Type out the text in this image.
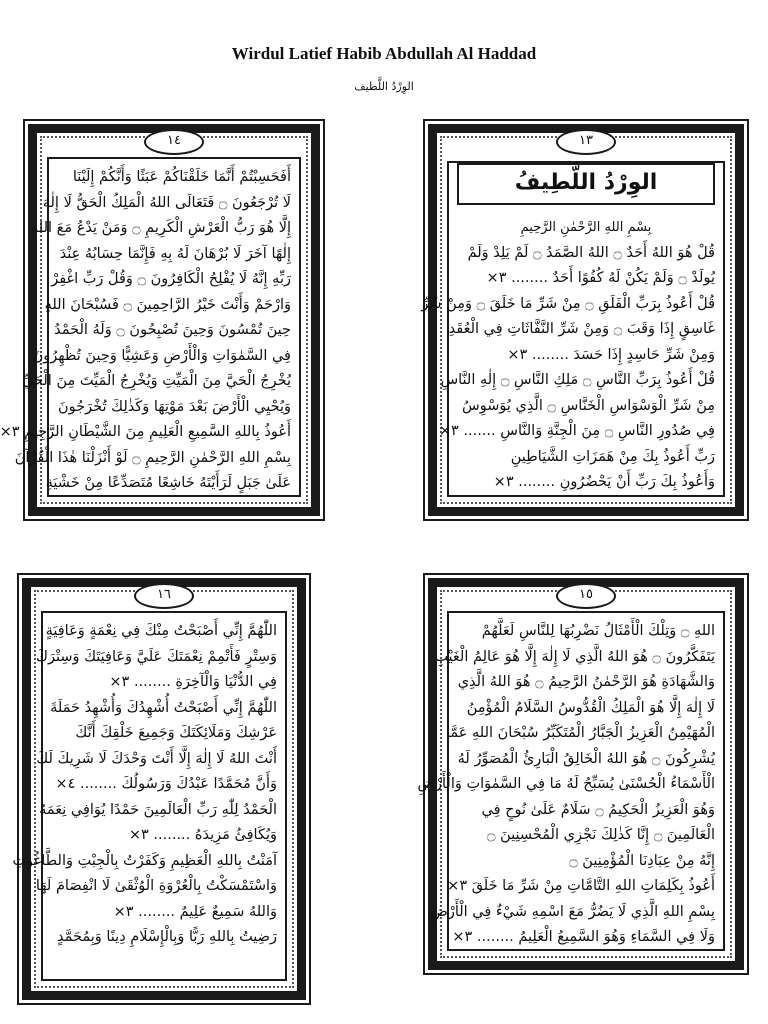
Wirdul Latief Habib Abdullah Al Haddad
الوِرْدُ اللَّطيف
١٤
أَفَحَسِبْتُمْ أَنَّمَا خَلَقْنَاكُمْ عَبَثًا وَأَنَّكُمْ إِلَيْنَا
لَا تُرْجَعُونَ ۝ فَتَعَالَى اللهُ الْمَلِكُ الْحَقُّ لَا إِلٰهَ
إِلَّا هُوَ رَبُّ الْعَرْشِ الْكَرِيمِ ۝ وَمَنْ يَدْعُ مَعَ اللهِ
إِلٰهًا آخَرَ لَا بُرْهَانَ لَهُ بِهِ فَإِنَّمَا حِسَابُهُ عِنْدَ
رَبِّهِ إِنَّهُ لَا يُفْلِحُ الْكَافِرُونَ ۝ وَقُلْ رَبِّ اغْفِرْ
وَارْحَمْ وَأَنْتَ خَيْرُ الرَّاحِمِينَ ۝ فَسُبْحَانَ اللهِ
حِينَ تُمْسُونَ وَحِينَ تُصْبِحُونَ ۝ وَلَهُ الْحَمْدُ
فِي السَّمٰوَاتِ وَالْأَرْضِ وَعَشِيًّا وَحِينَ تُظْهِرُونَ
يُخْرِجُ الْحَيَّ مِنَ الْمَيِّتِ وَيُخْرِجُ الْمَيِّتَ مِنَ الْحَيِّ
وَيُحْيِي الْأَرْضَ بَعْدَ مَوْتِهَا وَكَذٰلِكَ تُخْرَجُونَ
أَعُوذُ بِاللهِ السَّمِيعِ الْعَلِيمِ مِنَ الشَّيْطَانِ الرَّجِيمِ ٣×
بِسْمِ اللهِ الرَّحْمٰنِ الرَّحِيمِ ۝ لَوْ أَنْزَلْنَا هٰذَا الْقُرْآنَ
عَلَىٰ جَبَلٍ لَرَأَيْتَهُ خَاشِعًا مُتَصَدِّعًا مِنْ خَشْيَةِ
١٣
الوِرْدُ اللَّطِيفُ
بِسْمِ اللهِ الرَّحْمٰنِ الرَّحِيمِ
قُلْ هُوَ اللهُ أَحَدٌ ۝ اللهُ الصَّمَدُ ۝ لَمْ يَلِدْ وَلَمْ
يُولَدْ ۝ وَلَمْ يَكُنْ لَهُ كُفُوًا أَحَدٌ ........ ٣×
قُلْ أَعُوذُ بِرَبِّ الْفَلَقِ ۝ مِنْ شَرِّ مَا خَلَقَ ۝ وَمِنْ شَرِّ
غَاسِقٍ إِذَا وَقَبَ ۝ وَمِنْ شَرِّ النَّفَّاثَاتِ فِي الْعُقَدِ
وَمِنْ شَرِّ حَاسِدٍ إِذَا حَسَدَ ........ ٣×
قُلْ أَعُوذُ بِرَبِّ النَّاسِ ۝ مَلِكِ النَّاسِ ۝ إِلٰهِ النَّاسِ
مِنْ شَرِّ الْوَسْوَاسِ الْخَنَّاسِ ۝ الَّذِي يُوَسْوِسُ
فِي صُدُورِ النَّاسِ ۝ مِنَ الْجِنَّةِ وَالنَّاسِ ....... ٣×
رَبِّ أَعُوذُ بِكَ مِنْ هَمَزَاتِ الشَّيَاطِينِ
وَأَعُوذُ بِكَ رَبِّ أَنْ يَحْضُرُونِ ........ ٣×
١٦
اللّٰهُمَّ إِنِّي أَصْبَحْتُ مِنْكَ فِي نِعْمَةٍ وَعَافِيَةٍ
وَسِتْرٍ فَأَتْمِمْ نِعْمَتَكَ عَلَيَّ وَعَافِيَتَكَ وَسِتْرَكَ
فِي الدُّنْيَا وَالْآخِرَةِ ........ ٣×
اللّٰهُمَّ إِنِّي أَصْبَحْتُ أُشْهِدُكَ وَأُشْهِدُ حَمَلَةَ
عَرْشِكَ وَمَلَائِكَتَكَ وَجَمِيعَ خَلْقِكَ أَنَّكَ
أَنْتَ اللهُ لَا إِلٰهَ إِلَّا أَنْتَ وَحْدَكَ لَا شَرِيكَ لَكَ
وَأَنَّ مُحَمَّدًا عَبْدُكَ وَرَسُولُكَ ........ ٤×
الْحَمْدُ لِلّٰهِ رَبِّ الْعَالَمِينَ حَمْدًا يُوَافِي نِعَمَهُ
وَيُكَافِئُ مَزِيدَهُ ........ ٣×
آمَنْتُ بِاللهِ الْعَظِيمِ وَكَفَرْتُ بِالْجِبْتِ وَالطَّاغُوتِ
وَاسْتَمْسَكْتُ بِالْعُرْوَةِ الْوُثْقَىٰ لَا انْفِصَامَ لَهَا
وَاللهُ سَمِيعٌ عَلِيمٌ ........ ٣×
رَضِيتُ بِاللهِ رَبًّا وَبِالْإِسْلَامِ دِينًا وَبِمُحَمَّدٍ
١٥
اللهِ ۝ وَتِلْكَ الْأَمْثَالُ نَضْرِبُهَا لِلنَّاسِ لَعَلَّهُمْ
يَتَفَكَّرُونَ ۝ هُوَ اللهُ الَّذِي لَا إِلٰهَ إِلَّا هُوَ عَالِمُ الْغَيْبِ
وَالشَّهَادَةِ هُوَ الرَّحْمٰنُ الرَّحِيمُ ۝ هُوَ اللهُ الَّذِي
لَا إِلٰهَ إِلَّا هُوَ الْمَلِكُ الْقُدُّوسُ السَّلَامُ الْمُؤْمِنُ
الْمُهَيْمِنُ الْعَزِيزُ الْجَبَّارُ الْمُتَكَبِّرُ سُبْحَانَ اللهِ عَمَّا
يُشْرِكُونَ ۝ هُوَ اللهُ الْخَالِقُ الْبَارِئُ الْمُصَوِّرُ لَهُ
الْأَسْمَاءُ الْحُسْنَىٰ يُسَبِّحُ لَهُ مَا فِي السَّمٰوَاتِ وَالْأَرْضِ
وَهُوَ الْعَزِيزُ الْحَكِيمُ ۝ سَلَامٌ عَلَىٰ نُوحٍ فِي
الْعَالَمِينَ ۝ إِنَّا كَذٰلِكَ نَجْزِي الْمُحْسِنِينَ ۝
إِنَّهُ مِنْ عِبَادِنَا الْمُؤْمِنِينَ ۝
أَعُوذُ بِكَلِمَاتِ اللهِ التَّامَّاتِ مِنْ شَرِّ مَا خَلَقَ ٣×
بِسْمِ اللهِ الَّذِي لَا يَضُرُّ مَعَ اسْمِهِ شَيْءٌ فِي الْأَرْضِ
وَلَا فِي السَّمَاءِ وَهُوَ السَّمِيعُ الْعَلِيمُ ........ ٣×
